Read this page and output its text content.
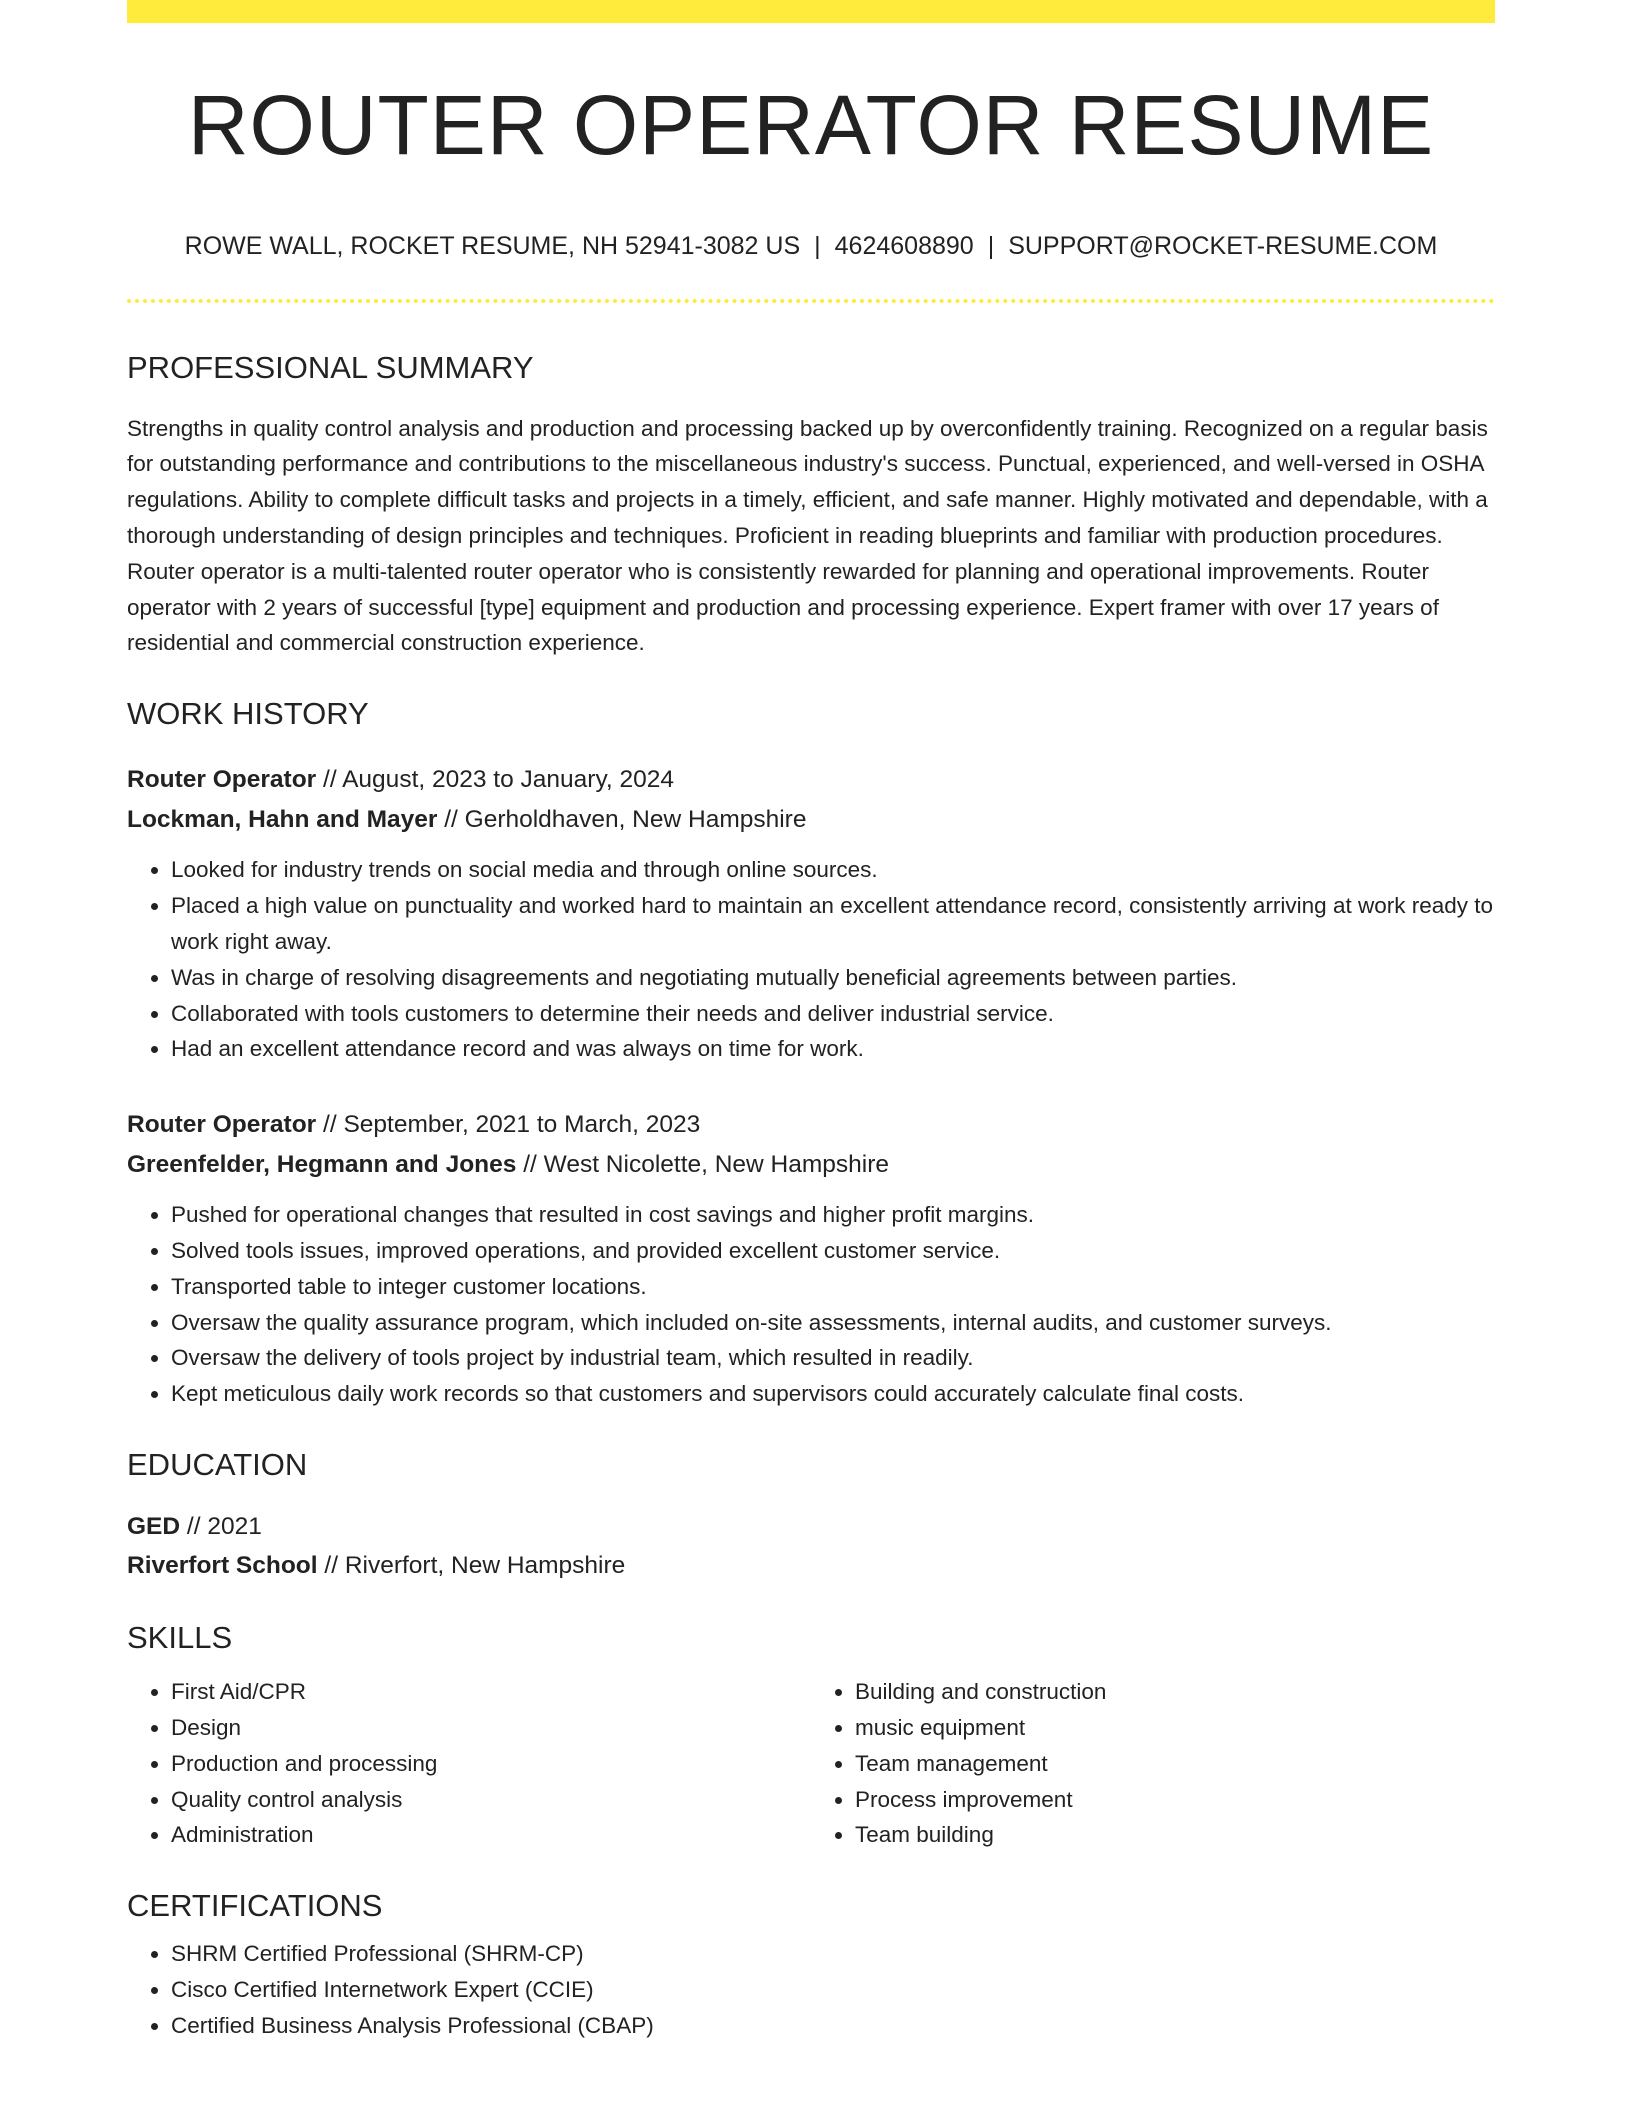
ROUTER OPERATOR RESUME
ROWE WALL, ROCKET RESUME, NH 52941-3082 US | 4624608890 | SUPPORT@ROCKET-RESUME.COM
PROFESSIONAL SUMMARY
Strengths in quality control analysis and production and processing backed up by overconfidently training. Recognized on a regular basis for outstanding performance and contributions to the miscellaneous industry's success. Punctual, experienced, and well-versed in OSHA regulations. Ability to complete difficult tasks and projects in a timely, efficient, and safe manner. Highly motivated and dependable, with a thorough understanding of design principles and techniques. Proficient in reading blueprints and familiar with production procedures. Router operator is a multi-talented router operator who is consistently rewarded for planning and operational improvements. Router operator with 2 years of successful [type] equipment and production and processing experience. Expert framer with over 17 years of residential and commercial construction experience.
WORK HISTORY
Router Operator // August, 2023 to January, 2024
Lockman, Hahn and Mayer // Gerholdhaven, New Hampshire
• Looked for industry trends on social media and through online sources.
• Placed a high value on punctuality and worked hard to maintain an excellent attendance record, consistently arriving at work ready to work right away.
• Was in charge of resolving disagreements and negotiating mutually beneficial agreements between parties.
• Collaborated with tools customers to determine their needs and deliver industrial service.
• Had an excellent attendance record and was always on time for work.
Router Operator // September, 2021 to March, 2023
Greenfelder, Hegmann and Jones // West Nicolette, New Hampshire
• Pushed for operational changes that resulted in cost savings and higher profit margins.
• Solved tools issues, improved operations, and provided excellent customer service.
• Transported table to integer customer locations.
• Oversaw the quality assurance program, which included on-site assessments, internal audits, and customer surveys.
• Oversaw the delivery of tools project by industrial team, which resulted in readily.
• Kept meticulous daily work records so that customers and supervisors could accurately calculate final costs.
EDUCATION
GED // 2021
Riverfort School // Riverfort, New Hampshire
SKILLS
• First Aid/CPR
• Design
• Production and processing
• Quality control analysis
• Administration
• Building and construction
• music equipment
• Team management
• Process improvement
• Team building
CERTIFICATIONS
• SHRM Certified Professional (SHRM-CP)
• Cisco Certified Internetwork Expert (CCIE)
• Certified Business Analysis Professional (CBAP)
